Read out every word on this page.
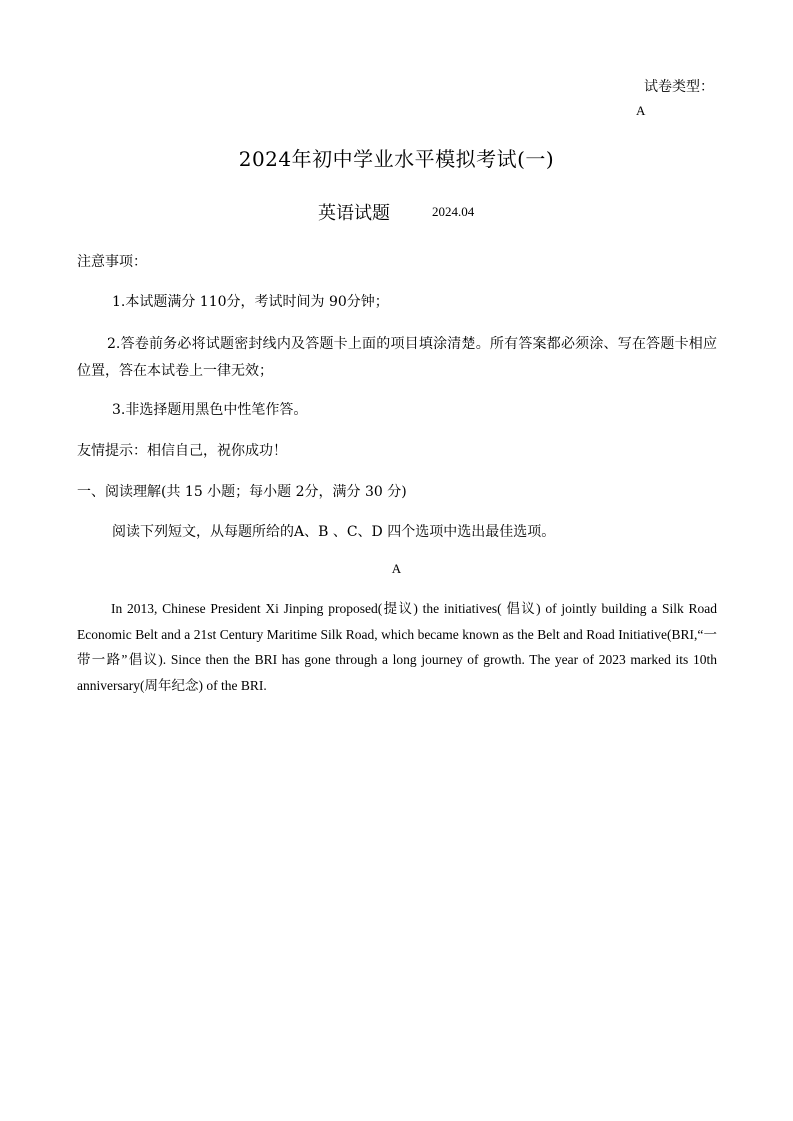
试卷类型：
A
2024年初中学业水平模拟考试(一)
英语试题	2024.04
注意事项：
1.本试题满分 110分，考试时间为 90分钟；
2.答卷前务必将试题密封线内及答题卡上面的项目填涂清楚。所有答案都必须涂、写在答题卡相应位置，答在本试卷上一律无效；
3.非选择题用黑色中性笔作答。
友情提示：相信自己，祝你成功！
一、阅读理解(共 15 小题；每小题 2分，满分 30 分)
阅读下列短文，从每题所给的A、B 、C、D 四个选项中选出最佳选项。
A
In 2013, Chinese President Xi Jinping proposed(提议) the initiatives( 倡议) of jointly building a Silk Road Economic Belt and a 21st Century Maritime Silk Road, which became known as the Belt and Road Initiative(BRI,“一带一路”倡议). Since then the BRI has gone through a long journey of growth. The year of 2023 marked its 10th anniversary(周年纪念) of the BRI.
